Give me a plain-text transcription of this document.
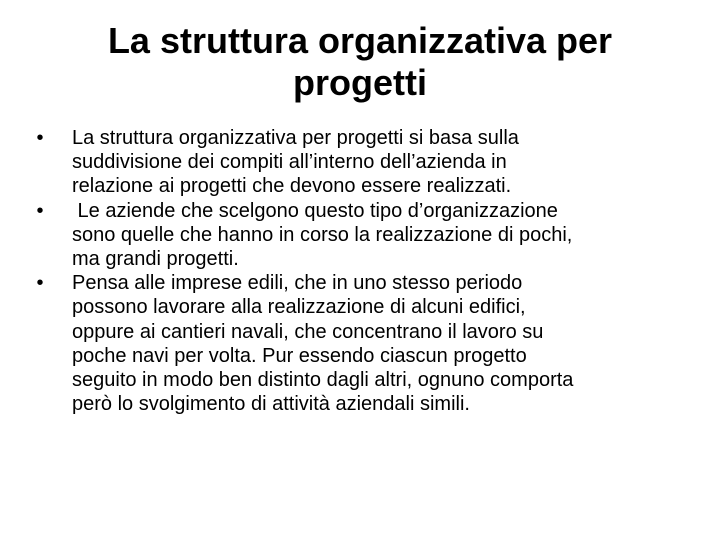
La struttura organizzativa per
progetti
•	La struttura organizzativa per progetti si basa sulla
suddivisione dei compiti all’interno dell’azienda in
relazione ai progetti che devono essere realizzati.
•	Le aziende che scelgono questo tipo d’organizzazione
sono quelle che hanno in corso la realizzazione di pochi,
ma grandi progetti.
•	Pensa alle imprese edili, che in uno stesso periodo
possono lavorare alla realizzazione di alcuni edifici,
oppure ai cantieri navali, che concentrano il lavoro su
poche navi per volta. Pur essendo ciascun progetto
seguito in modo ben distinto dagli altri, ognuno comporta
però lo svolgimento di attività aziendali simili.
